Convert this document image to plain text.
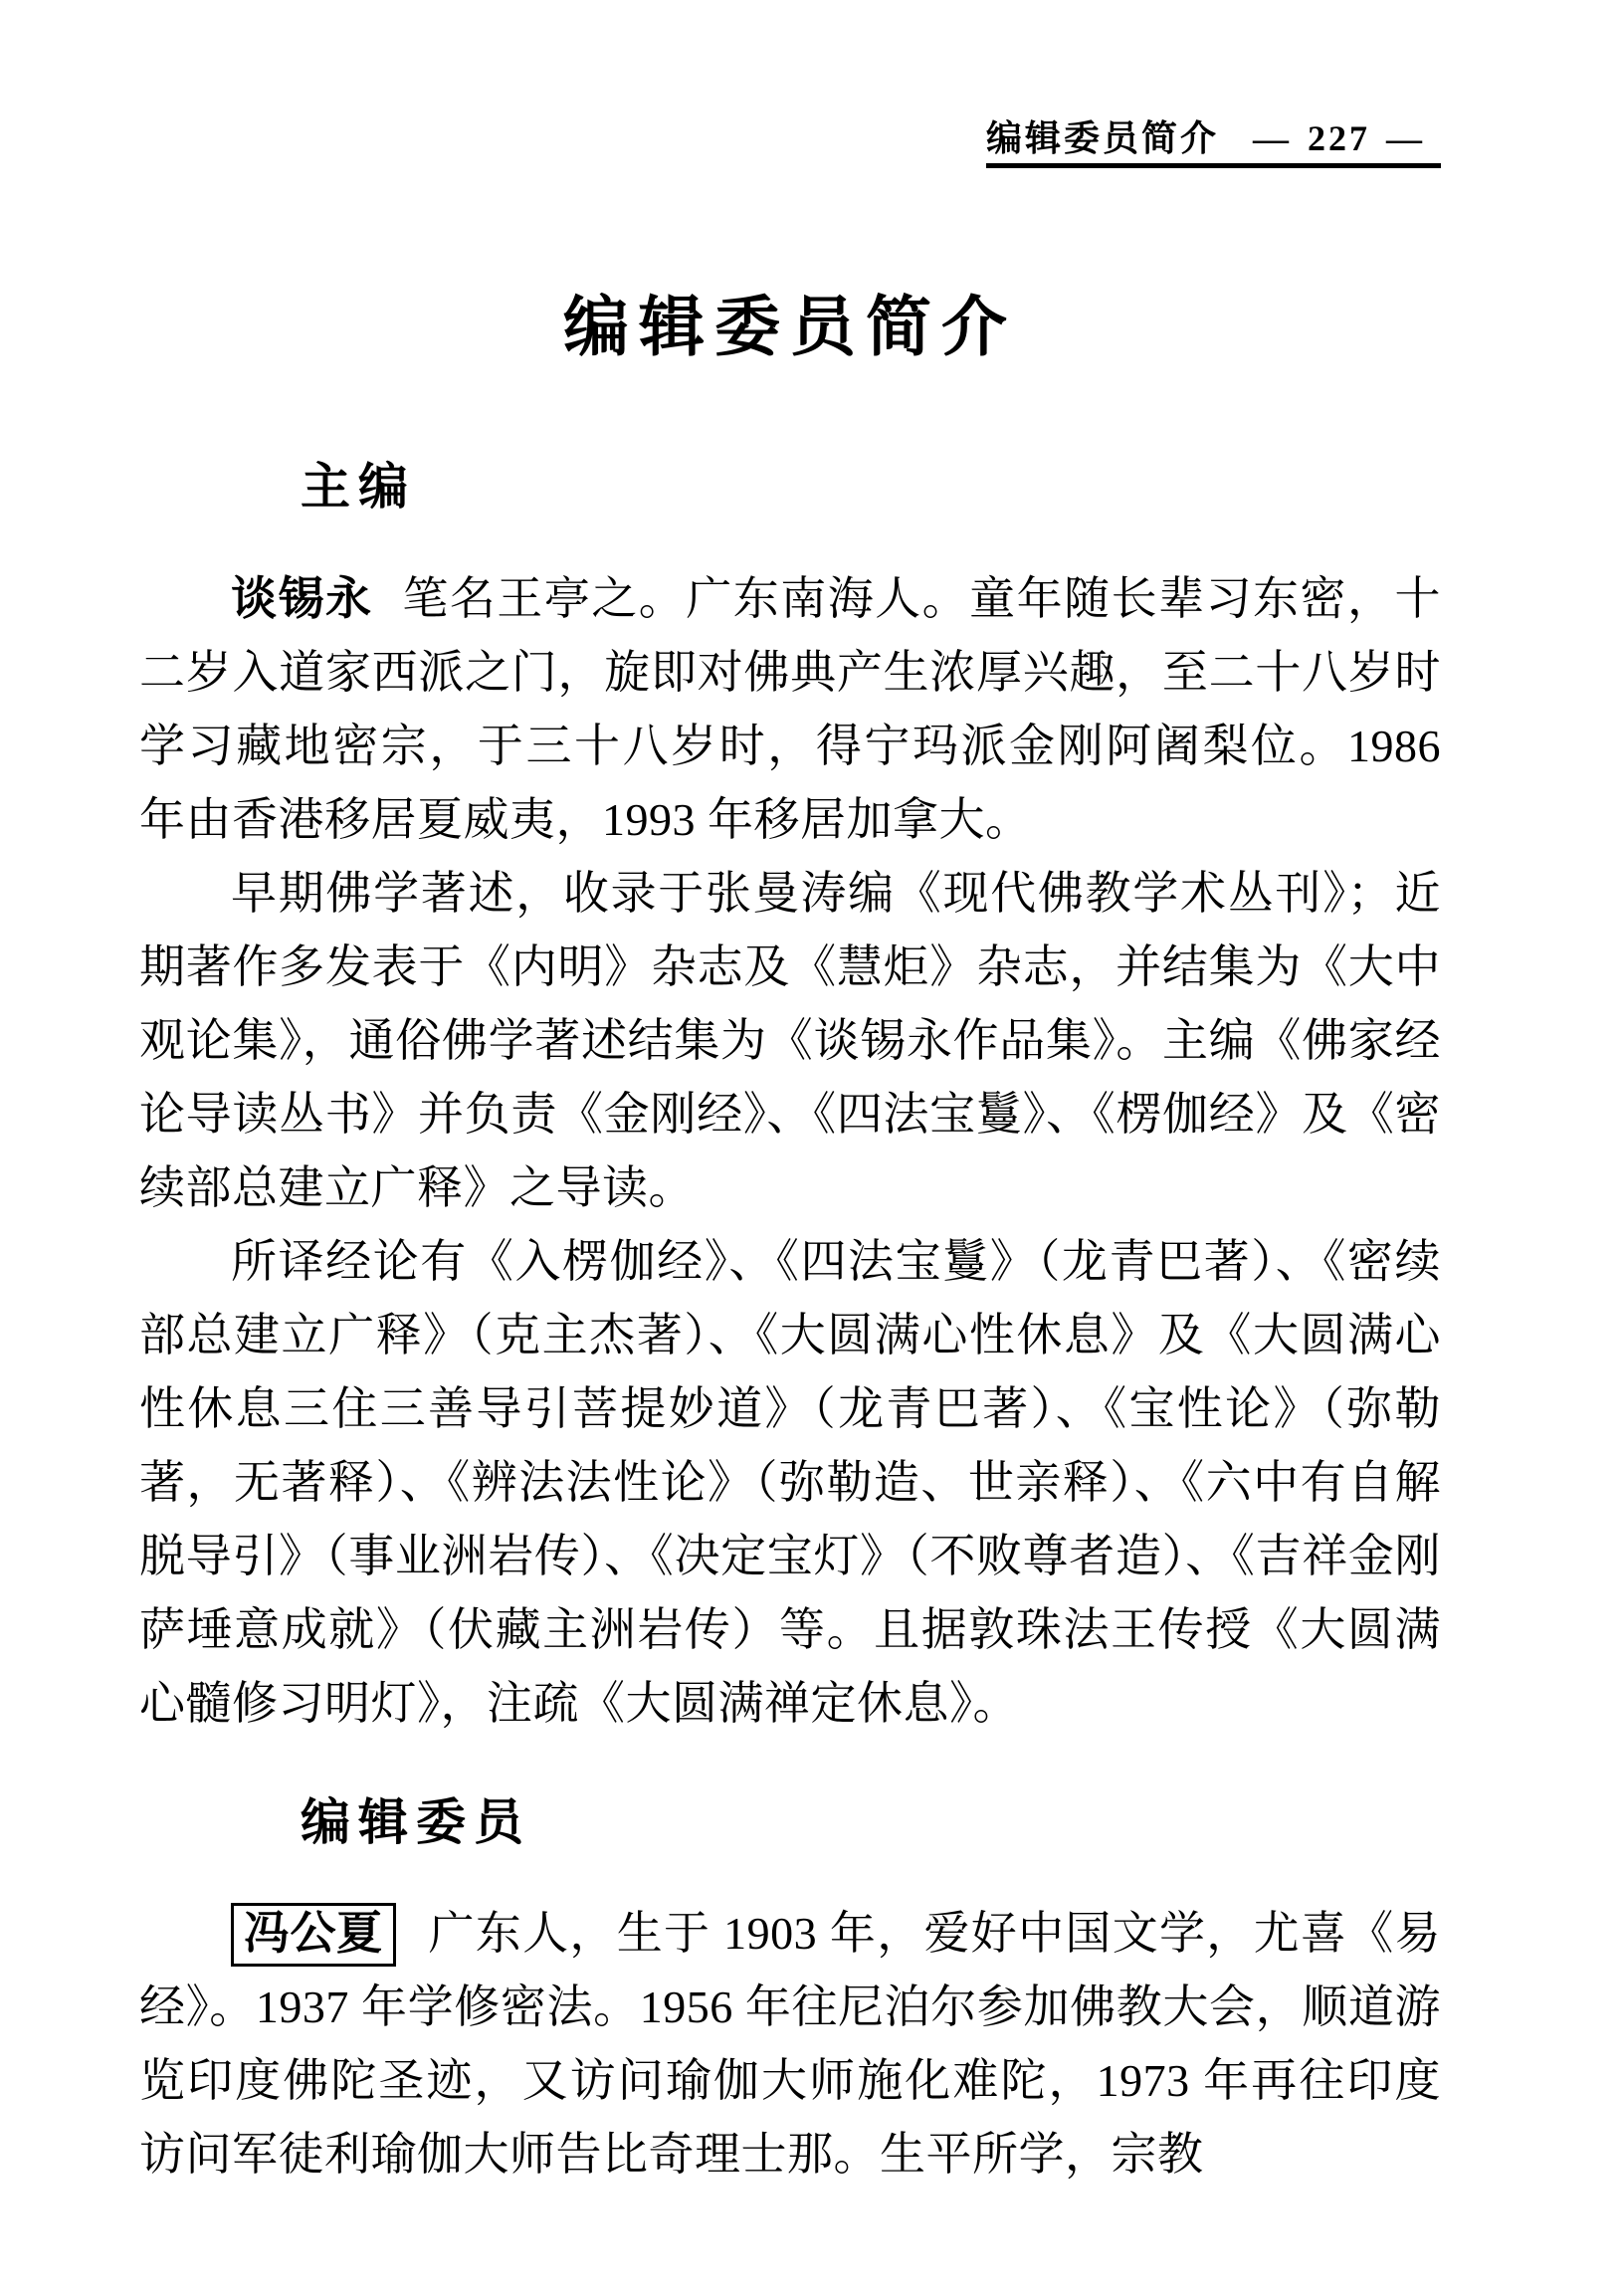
编辑委员简介 — 227 —
编辑委员简介
主编

谈锡永 笔名王亭之。广东南海人。童年随长辈习东密，十二岁入道家西派之门，旋即对佛典产生浓厚兴趣，至二十八岁时学习藏地密宗，于三十八岁时，得宁玛派金刚阿阇梨位。1986 年由香港移居夏威夷，1993 年移居加拿大。

早期佛学著述，收录于张曼涛编《现代佛教学术丛刊》；近期著作多发表于《内明》杂志及《慧炬》杂志，并结集为《大中观论集》，通俗佛学著述结集为《谈锡永作品集》。主编《佛家经论导读丛书》并负责《金刚经》、《四法宝鬘》、《楞伽经》及《密续部总建立广释》之导读。

所译经论有《入楞伽经》、《四法宝鬘》（龙青巴著）、《密续部总建立广释》（克主杰著）、《大圆满心性休息》及《大圆满心性休息三住三善导引菩提妙道》（龙青巴著）、《宝性论》（弥勒著，无著释）、《辨法法性论》（弥勒造、世亲释）、《六中有自解脱导引》（事业洲岩传）、《决定宝灯》（不败尊者造）、《吉祥金刚萨埵意成就》（伏藏主洲岩传）等。且据敦珠法王传授《大圆满心髓修习明灯》，注疏《大圆满禅定休息》。

编辑委员

冯公夏 广东人，生于 1903 年，爱好中国文学，尤喜《易经》。1937 年学修密法。1956 年往尼泊尔参加佛教大会，顺道游览印度佛陀圣迹，又访问瑜伽大师施化难陀，1973 年再往印度访问军徒利瑜伽大师告比奇理士那。生平所学，宗教
